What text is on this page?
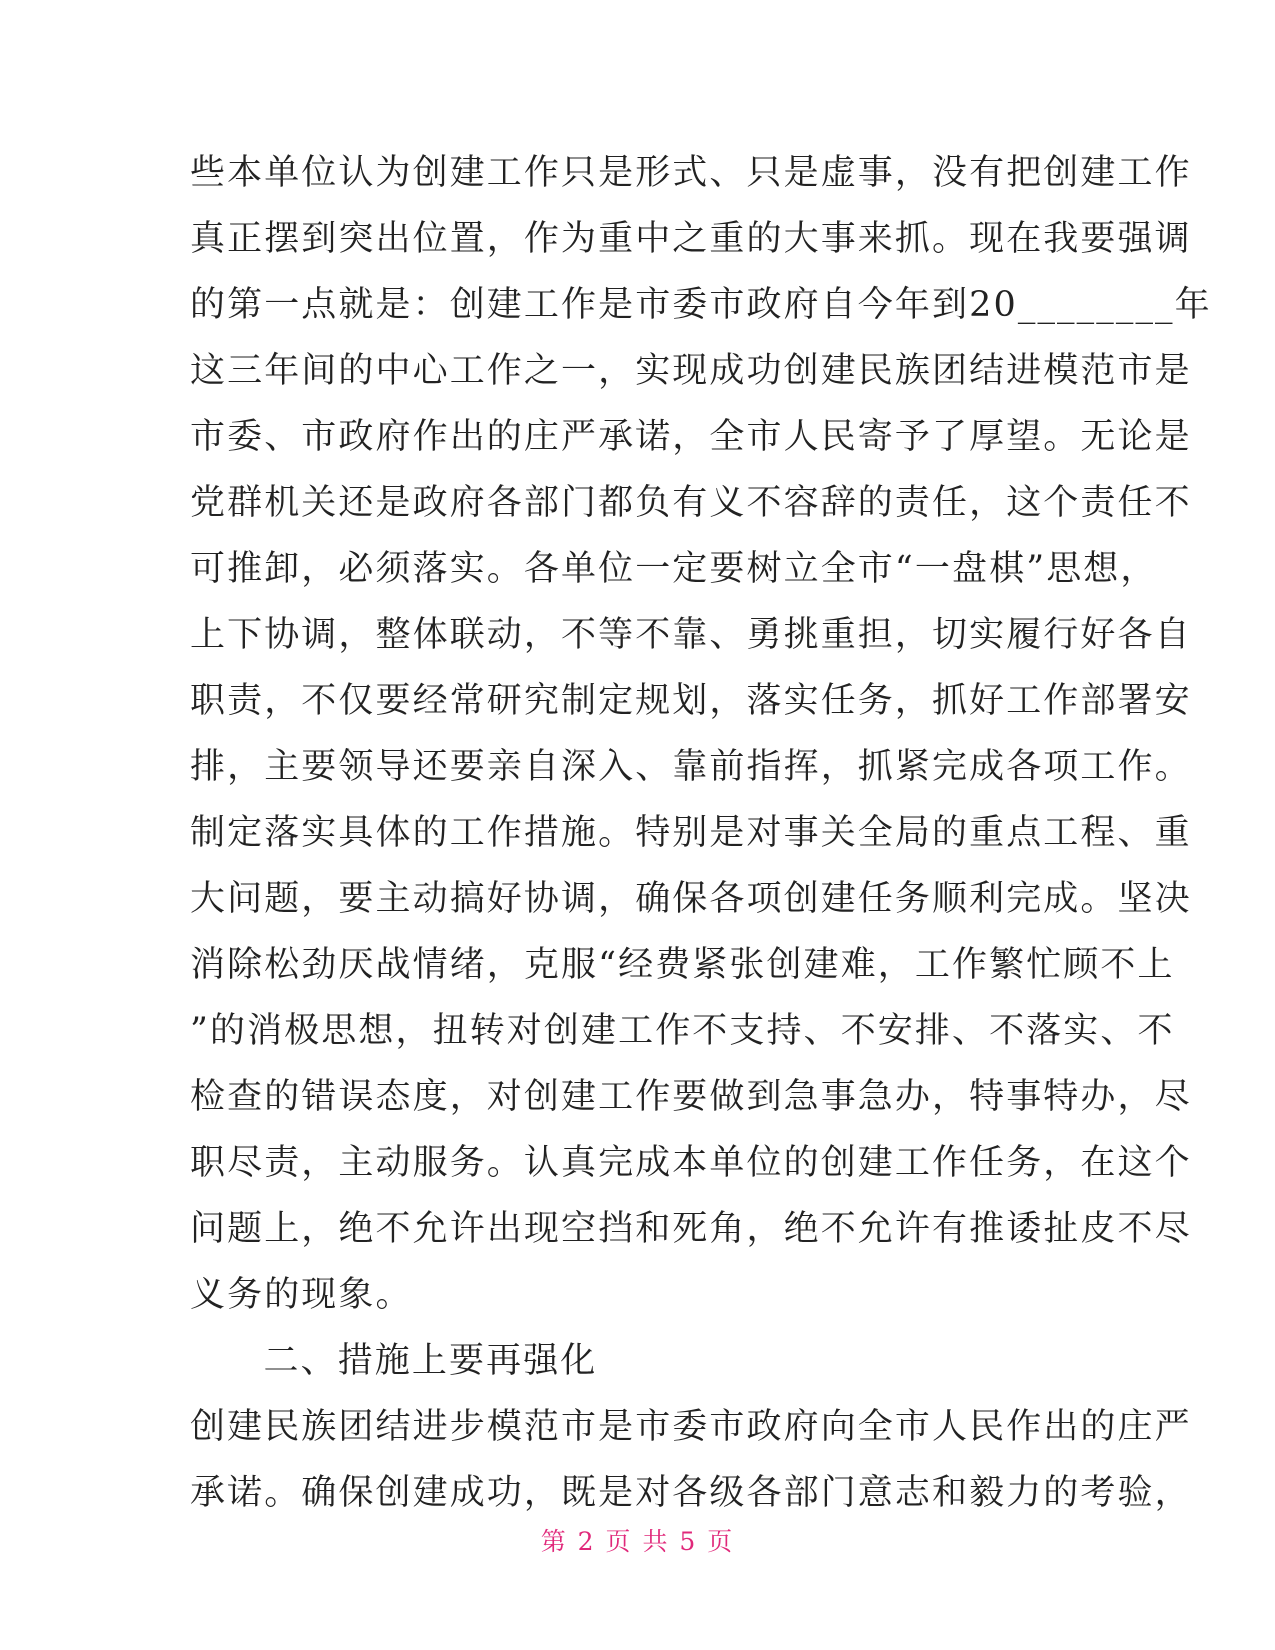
些本单位认为创建工作只是形式、只是虚事，没有把创建工作
真正摆到突出位置，作为重中之重的大事来抓。现在我要强调
的第一点就是：创建工作是市委市政府自今年到20________年
这三年间的中心工作之一，实现成功创建民族团结进模范市是
市委、市政府作出的庄严承诺，全市人民寄予了厚望。无论是
党群机关还是政府各部门都负有义不容辞的责任，这个责任不
可推卸，必须落实。各单位一定要树立全市“一盘棋”思想，
上下协调，整体联动，不等不靠、勇挑重担，切实履行好各自
职责，不仅要经常研究制定规划，落实任务，抓好工作部署安
排，主要领导还要亲自深入、靠前指挥，抓紧完成各项工作。
制定落实具体的工作措施。特别是对事关全局的重点工程、重
大问题，要主动搞好协调，确保各项创建任务顺利完成。坚决
消除松劲厌战情绪，克服“经费紧张创建难，工作繁忙顾不上
”的消极思想，扭转对创建工作不支持、不安排、不落实、不
检查的错误态度，对创建工作要做到急事急办，特事特办，尽
职尽责，主动服务。认真完成本单位的创建工作任务，在这个
问题上，绝不允许出现空挡和死角，绝不允许有推诿扯皮不尽
义务的现象。
二、措施上要再强化
创建民族团结进步模范市是市委市政府向全市人民作出的庄严
承诺。确保创建成功，既是对各级各部门意志和毅力的考验，
第 2 页 共 5 页
